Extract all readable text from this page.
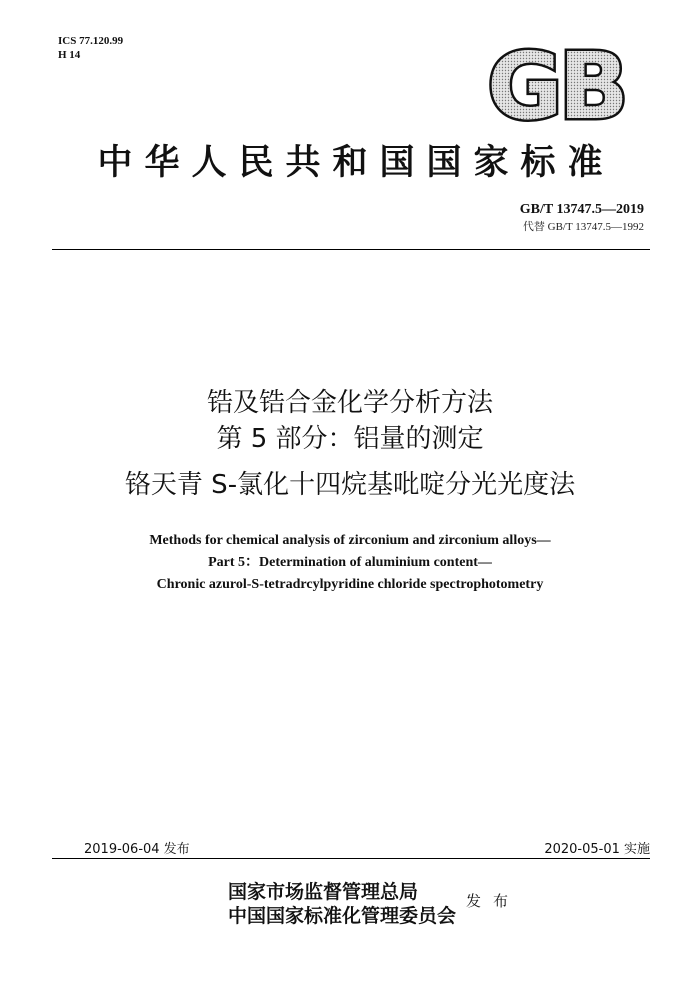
ICS 77.120.99
H 14	GB
中华人民共和国国家标准
GB/T 13747.5—2019
代替 GB/T 13747.5—1992
锆及锆合金化学分析方法
第 5 部分：铝量的测定
铬天青 S-氯化十四烷基吡啶分光光度法
Methods for chemical analysis of zirconium and zirconium alloys—
Part 5：Determination of aluminium content—
Chronic azurol-S-tetradrcylpyridine chloride spectrophotometry
2019-06-04 发布	2020-05-01 实施
国家市场监督管理总局
中国国家标准化管理委员会
发布
